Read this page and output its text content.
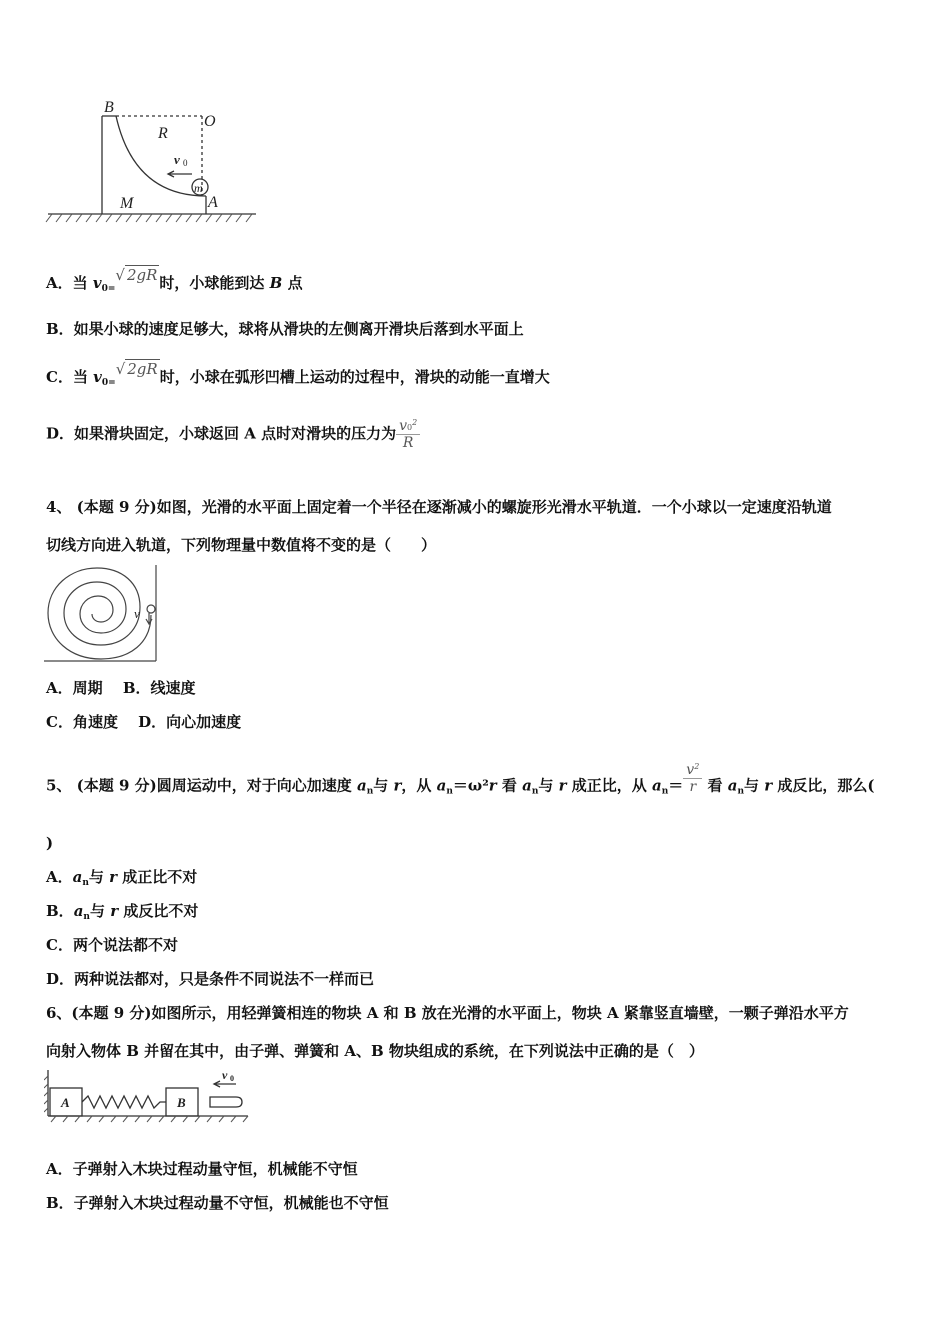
B
O
R
M	A
m
v 0
A．当 $v_{0=}√$ 2gR 时，小球能到达 B 点
B．如果小球的速度足够大，球将从滑块的左侧离开滑块后落到水平面上
C．当 $v_{0=}√$ 2gR 时，小球在弧形凹槽上运动的过程中，滑块的动能一直增大
D．如果滑块固定，小球返回 A 点时对滑块的压力为 $\frac{v0^2}{R}$
4、 (本题 9 分)如图，光滑的水平面上固定着一个半径在逐渐减小的螺旋形光滑水平轨道．一个小球以一定速度沿轨道
切线方向进入轨道，下列物理量中数值将不变的是（　　）
v
A．周期　 B．线速度
C．角速度　 D．向心加速度
5、 (本题 9 分)圆周运动中，对于向心加速度 $a_n$与 r，从 $a_n=\omega^2r$ 看 $a_n$与 r 成正比，从 $a_n= \frac{v^2}{r}$ 看 $a_n$与 r 成反比，那么(
)
A．$a_n$与 r 成正比不对
B．$a_n$与 r 成反比不对
C．两个说法都不对
D．两种说法都对，只是条件不同说法不一样而已
6、(本题 9 分)如图所示，用轻弹簧相连的物块 A 和 B 放在光滑的水平面上，物块 A 紧靠竖直墙壁，一颗子弹沿水平方
向射入物体 B 并留在其中，由子弹、弹簧和 A、B 物块组成的系统，在下列说法中正确的是（　）
A	B
v 0
A．子弹射入木块过程动量守恒，机械能不守恒
B．子弹射入木块过程动量不守恒，机械能也不守恒
